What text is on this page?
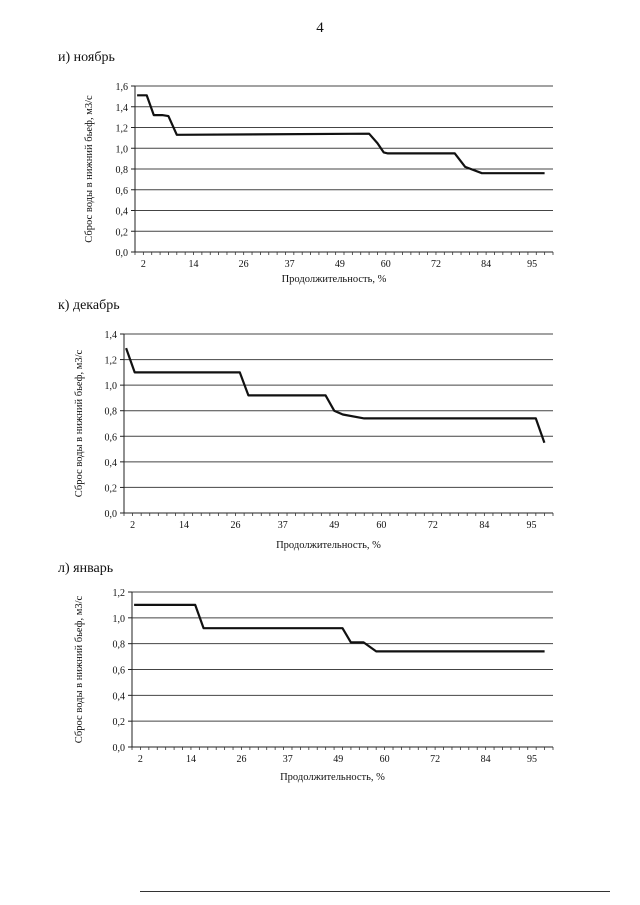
4
и) ноябрь
0,0
0,2
0,4
0,6
0,8
1,0
1,2
1,4
1,6
2	14	26	37	49	60	72	84	95
Продолжительность, %
Сброс воды в нижний бьеф, м3/с
к) декабрь
0,0
0,2
0,4
0,6
0,8
1,0
1,2
1,4
2	14	26	37	49	60	72	84	95
Продолжительность, %
Сброс воды в нижний бьеф, м3/с
л) январь
0,0
0,2
0,4
0,6
0,8
1,0
1,2
2	14	26	37	49	60	72	84	95
Продолжительность, %
Сброс воды в нижний бьеф, м3/с
